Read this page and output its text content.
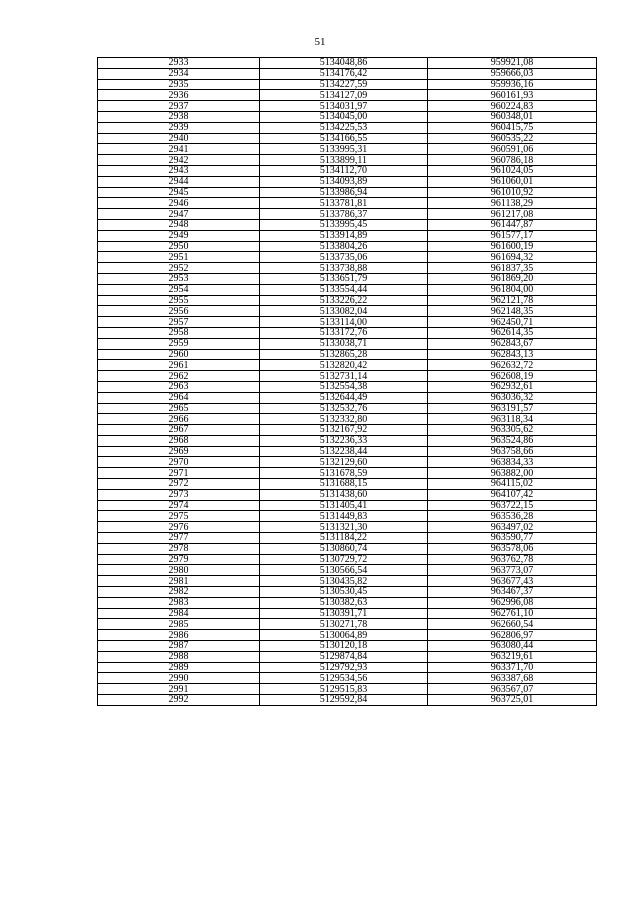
51
2933	5134048,86	959921,08
2934	5134176,42	959666,03
2935	5134227,59	959936,16
2936	5134127,09	960161,93
2937	5134031,97	960224,83
2938	5134045,00	960348,01
2939	5134225,53	960415,75
2940	5134166,55	960535,22
2941	5133995,31	960591,06
2942	5133899,11	960786,18
2943	5134112,70	961024,05
2944	5134093,89	961060,01
2945	5133986,94	961010,92
2946	5133781,81	961138,29
2947	5133786,37	961217,08
2948	5133995,45	961447,87
2949	5133914,89	961577,17
2950	5133804,26	961600,19
2951	5133735,06	961694,32
2952	5133738,88	961837,35
2953	5133651,79	961869,20
2954	5133554,44	961804,00
2955	5133226,22	962121,78
2956	5133082,04	962148,35
2957	5133114,00	962450,71
2958	5133172,76	962614,35
2959	5133038,71	962843,67
2960	5132865,28	962843,13
2961	5132820,42	962632,72
2962	5132731,14	962608,19
2963	5132554,38	962932,61
2964	5132644,49	963036,32
2965	5132532,76	963191,57
2966	5132332,80	963118,34
2967	5132167,92	963305,62
2968	5132236,33	963524,86
2969	5132238,44	963758,66
2970	5132129,60	963834,33
2971	5131678,59	963882,00
2972	5131688,15	964115,02
2973	5131438,60	964107,42
2974	5131405,41	963722,15
2975	5131449,83	963536,28
2976	5131321,30	963497,02
2977	5131184,22	963590,77
2978	5130860,74	963578,06
2979	5130729,72	963762,78
2980	5130566,54	963773,07
2981	5130435,82	963677,43
2982	5130530,45	963467,37
2983	5130382,63	962996,08
2984	5130391,71	962761,10
2985	5130271,78	962660,54
2986	5130064,89	962806,97
2987	5130120,18	963080,44
2988	5129874,84	963219,61
2989	5129792,93	963371,70
2990	5129534,56	963387,68
2991	5129515,83	963567,07
2992	5129592,84	963725,01
